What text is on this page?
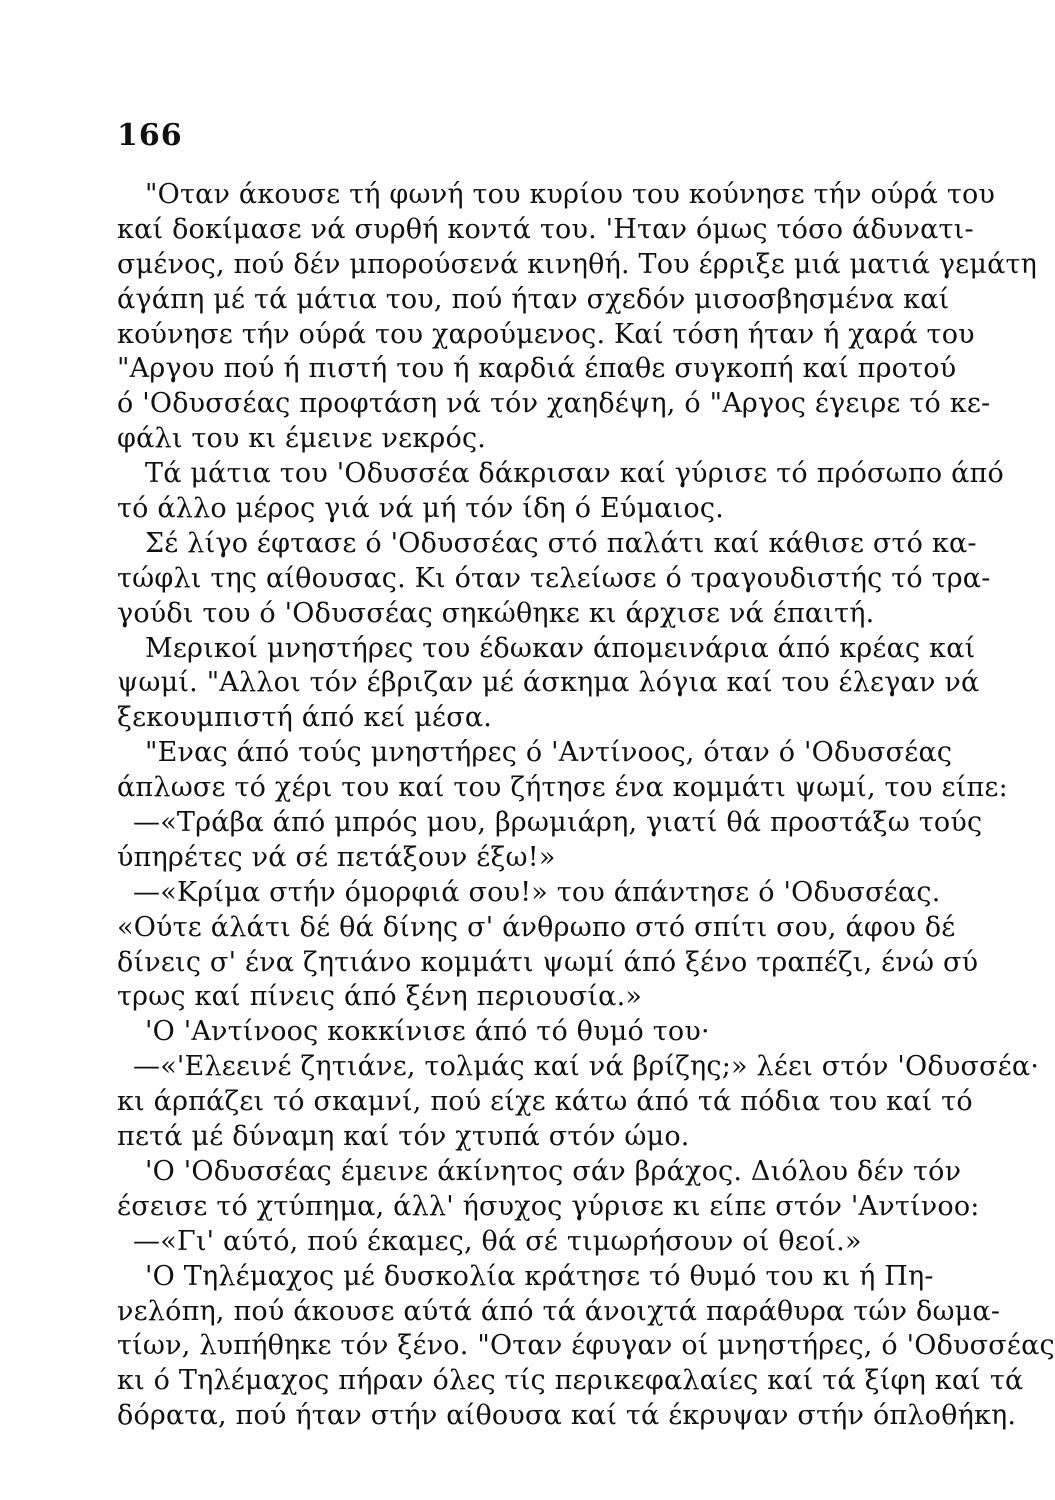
166
"Οταν άκουσε τή φωνή του κυρίου του κούνησε τήν ούρά του
καί δοκίμασε νά συρθή κοντά του. 'Ηταν όμως τόσο άδυνατι-
σμένος, πού δέν μπορούσενά κινηθή. Του έρριξε μιά ματιά γεμάτη
άγάπη μέ τά μάτια του, πού ήταν σχεδόν μισοσβησμένα καί
κούνησε τήν ούρά του χαρούμενος. Καί τόση ήταν ή χαρά του
"Αργου πού ή πιστή του ή καρδιά έπαθε συγκοπή καί προτού
ό 'Οδυσσέας προφτάση νά τόν χαηδέψη, ό "Αργος έγειρε τό κε-
φάλι του κι έμεινε νεκρός.
Τά μάτια του 'Οδυσσέα δάκρισαν καί γύρισε τό πρόσωπο άπό
τό άλλο μέρος γιά νά μή τόν ίδη ό Εύμαιος.
Σέ λίγο έφτασε ό 'Οδυσσέας στό παλάτι καί κάθισε στό κα-
τώφλι της αίθουσας. Κι όταν τελείωσε ό τραγουδιστής τό τρα-
γούδι του ό 'Οδυσσέας σηκώθηκε κι άρχισε νά έπαιτή.
Μερικοί μνηστήρες του έδωκαν άπομεινάρια άπό κρέας καί
ψωμί. "Αλλοι τόν έβριζαν μέ άσκημα λόγια καί του έλεγαν νά
ξεκουμπιστή άπό κεί μέσα.
"Ενας άπό τούς μνηστήρες ό 'Αντίνοος, όταν ό 'Οδυσσέας
άπλωσε τό χέρι του καί του ζήτησε ένα κομμάτι ψωμί, του είπε:
—«Τράβα άπό μπρός μου, βρωμιάρη, γιατί θά προστάξω τούς
ύπηρέτες νά σέ πετάξουν έξω!»
—«Κρίμα στήν όμορφιά σου!» του άπάντησε ό 'Οδυσσέας.
«Ούτε άλάτι δέ θά δίνης σ' άνθρωπο στό σπίτι σου, άφου δέ
δίνεις σ' ένα ζητιάνο κομμάτι ψωμί άπό ξένο τραπέζι, ένώ σύ
τρως καί πίνεις άπό ξένη περιουσία.»
'Ο 'Αντίνοος κοκκίνισε άπό τό θυμό του·
—«'Ελεεινέ ζητιάνε, τολμάς καί νά βρίζης;» λέει στόν 'Οδυσσέα·
κι άρπάζει τό σκαμνί, πού είχε κάτω άπό τά πόδια του καί τό
πετά μέ δύναμη καί τόν χτυπά στόν ώμο.
'Ο 'Οδυσσέας έμεινε άκίνητος σάν βράχος. Διόλου δέν τόν
έσεισε τό χτύπημα, άλλ' ήσυχος γύρισε κι είπε στόν 'Αντίνοο:
—«Γι' αύτό, πού έκαμες, θά σέ τιμωρήσουν οί θεοί.»
'Ο Τηλέμαχος μέ δυσκολία κράτησε τό θυμό του κι ή Πη-
νελόπη, πού άκουσε αύτά άπό τά άνοιχτά παράθυρα τών δωμα-
τίων, λυπήθηκε τόν ξένο. "Οταν έφυγαν οί μνηστήρες, ό 'Οδυσσέας
κι ό Τηλέμαχος πήραν όλες τίς περικεφαλαίες καί τά ξίφη καί τά
δόρατα, πού ήταν στήν αίθουσα καί τά έκρυψαν στήν όπλοθήκη.
